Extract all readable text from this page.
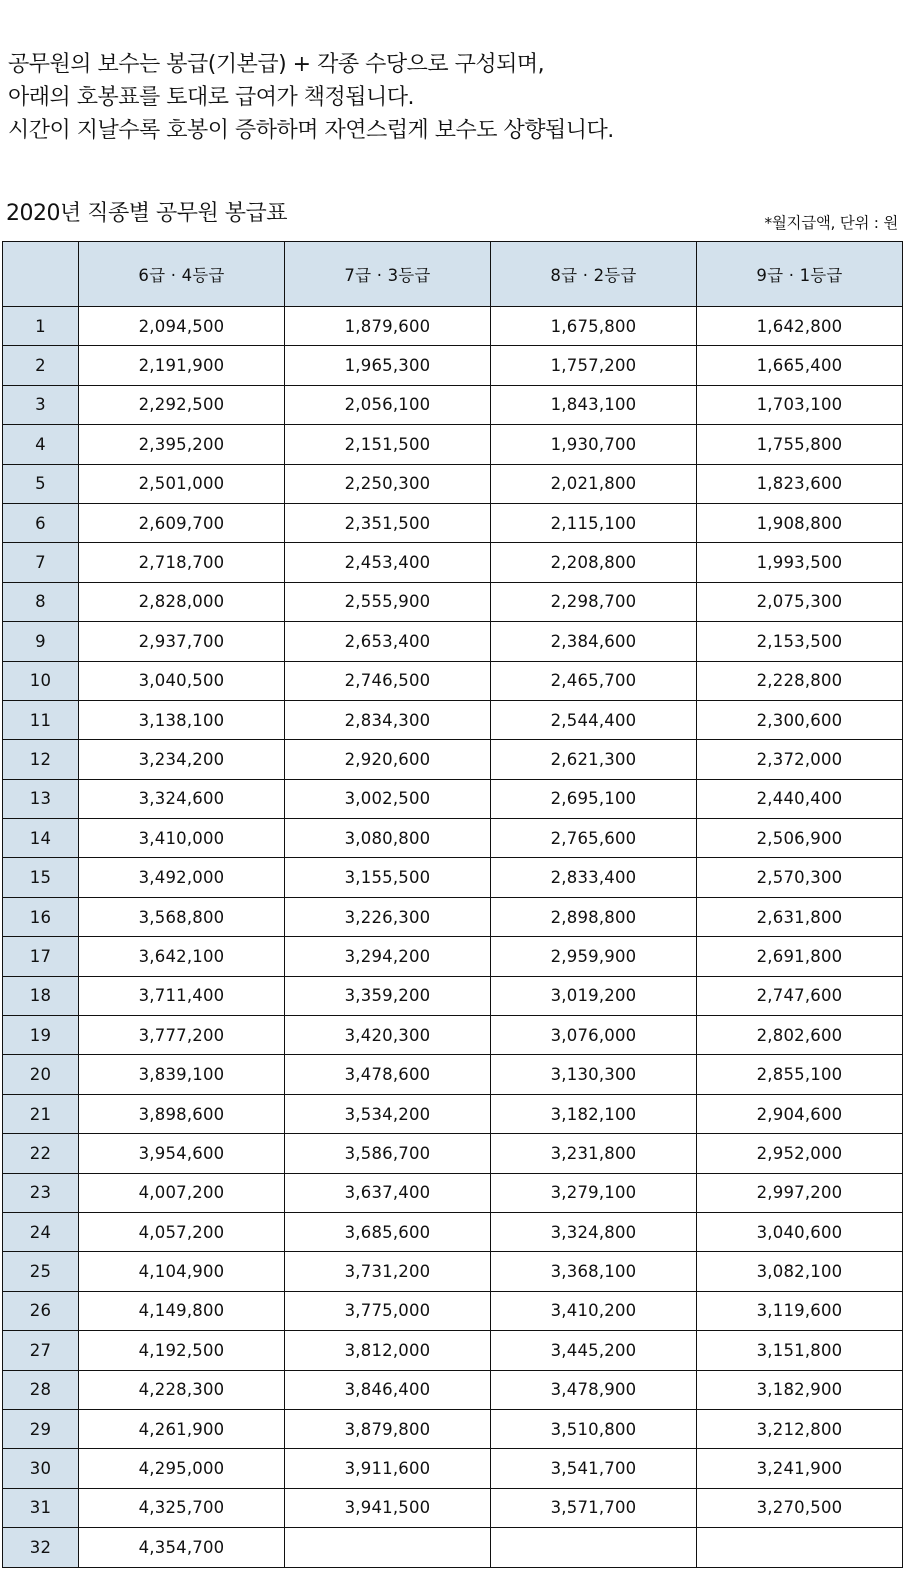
공무원의 보수는 봉급(기본급) + 각종 수당으로 구성되며,

아래의 호봉표를 토대로 급여가 책정됩니다.

시간이 지날수록 호봉이 증하하며 자연스럽게 보수도 상향됩니다.

2020년 직종별 공무원 봉급표	*월지급액, 단위 : 원

	6급 · 4등급	7급 · 3등급	8급 · 2등급	9급 · 1등급
1	2,094,500	1,879,600	1,675,800	1,642,800
2	2,191,900	1,965,300	1,757,200	1,665,400
3	2,292,500	2,056,100	1,843,100	1,703,100
4	2,395,200	2,151,500	1,930,700	1,755,800
5	2,501,000	2,250,300	2,021,800	1,823,600
6	2,609,700	2,351,500	2,115,100	1,908,800
7	2,718,700	2,453,400	2,208,800	1,993,500
8	2,828,000	2,555,900	2,298,700	2,075,300
9	2,937,700	2,653,400	2,384,600	2,153,500
10	3,040,500	2,746,500	2,465,700	2,228,800
11	3,138,100	2,834,300	2,544,400	2,300,600
12	3,234,200	2,920,600	2,621,300	2,372,000
13	3,324,600	3,002,500	2,695,100	2,440,400
14	3,410,000	3,080,800	2,765,600	2,506,900
15	3,492,000	3,155,500	2,833,400	2,570,300
16	3,568,800	3,226,300	2,898,800	2,631,800
17	3,642,100	3,294,200	2,959,900	2,691,800
18	3,711,400	3,359,200	3,019,200	2,747,600
19	3,777,200	3,420,300	3,076,000	2,802,600
20	3,839,100	3,478,600	3,130,300	2,855,100
21	3,898,600	3,534,200	3,182,100	2,904,600
22	3,954,600	3,586,700	3,231,800	2,952,000
23	4,007,200	3,637,400	3,279,100	2,997,200
24	4,057,200	3,685,600	3,324,800	3,040,600
25	4,104,900	3,731,200	3,368,100	3,082,100
26	4,149,800	3,775,000	3,410,200	3,119,600
27	4,192,500	3,812,000	3,445,200	3,151,800
28	4,228,300	3,846,400	3,478,900	3,182,900
29	4,261,900	3,879,800	3,510,800	3,212,800
30	4,295,000	3,911,600	3,541,700	3,241,900
31	4,325,700	3,941,500	3,571,700	3,270,500
32	4,354,700			
